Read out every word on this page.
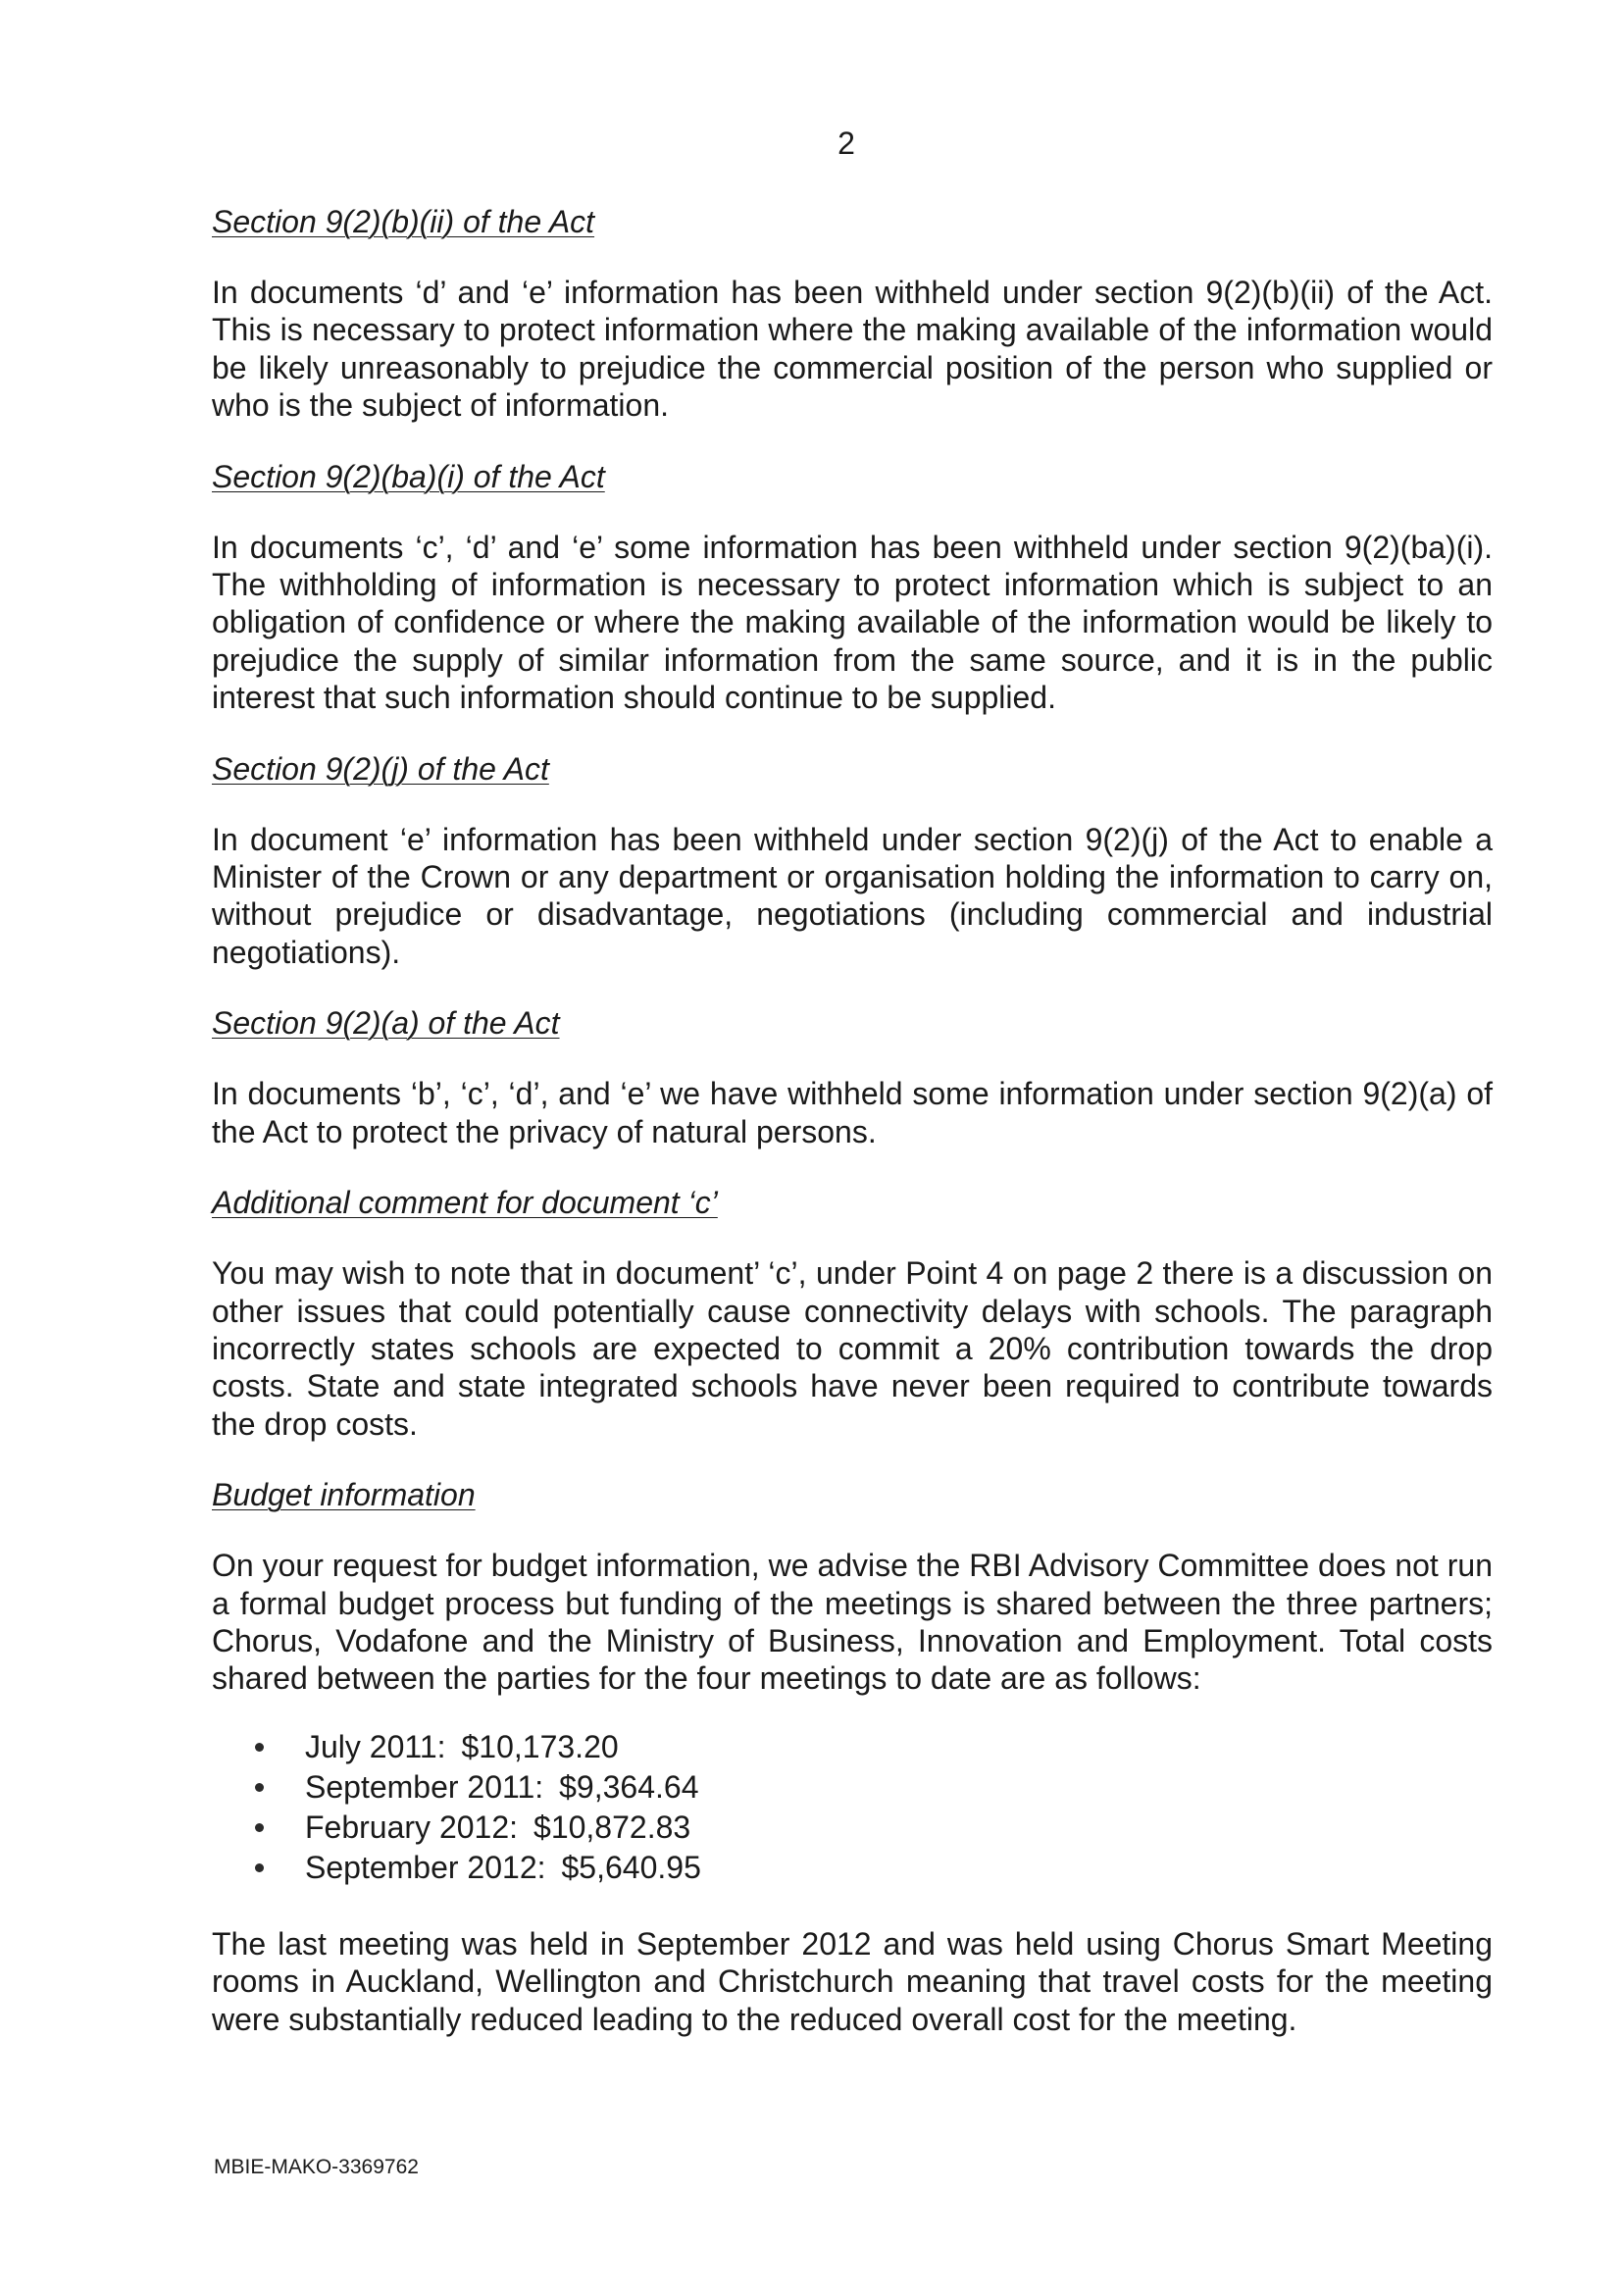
2
Section 9(2)(b)(ii) of the Act

In documents ‘d’ and ‘e’ information has been withheld under section 9(2)(b)(ii) of the Act. This is necessary to protect information where the making available of the information would be likely unreasonably to prejudice the commercial position of the person who supplied or who is the subject of information.

Section 9(2)(ba)(i) of the Act

In documents ‘c’, ‘d’ and ‘e’ some information has been withheld under section 9(2)(ba)(i). The withholding of information is necessary to protect information which is subject to an obligation of confidence or where the making available of the information would be likely to prejudice the supply of similar information from the same source, and it is in the public interest that such information should continue to be supplied.

Section 9(2)(j) of the Act

In document ‘e’ information has been withheld under section 9(2)(j) of the Act to enable a Minister of the Crown or any department or organisation holding the information to carry on, without prejudice or disadvantage, negotiations (including commercial and industrial negotiations).

Section 9(2)(a) of the Act

In documents ‘b’, ‘c’, ‘d’, and ‘e’ we have withheld some information under section 9(2)(a) of the Act to protect the privacy of natural persons.

Additional comment for document ‘c’

You may wish to note that in document’ ‘c’, under Point 4 on page 2 there is a discussion on other issues that could potentially cause connectivity delays with schools. The paragraph incorrectly states schools are expected to commit a 20% contribution towards the drop costs. State and state integrated schools have never been required to contribute towards the drop costs.

Budget information

On your request for budget information, we advise the RBI Advisory Committee does not run a formal budget process but funding of the meetings is shared between the three partners; Chorus, Vodafone and the Ministry of Business, Innovation and Employment. Total costs shared between the parties for the four meetings to date are as follows:

July 2011: $10,173.20
September 2011: $9,364.64
February 2012: $10,872.83
September 2012: $5,640.95

The last meeting was held in September 2012 and was held using Chorus Smart Meeting rooms in Auckland, Wellington and Christchurch meaning that travel costs for the meeting were substantially reduced leading to the reduced overall cost for the meeting.

MBIE-MAKO-3369762
